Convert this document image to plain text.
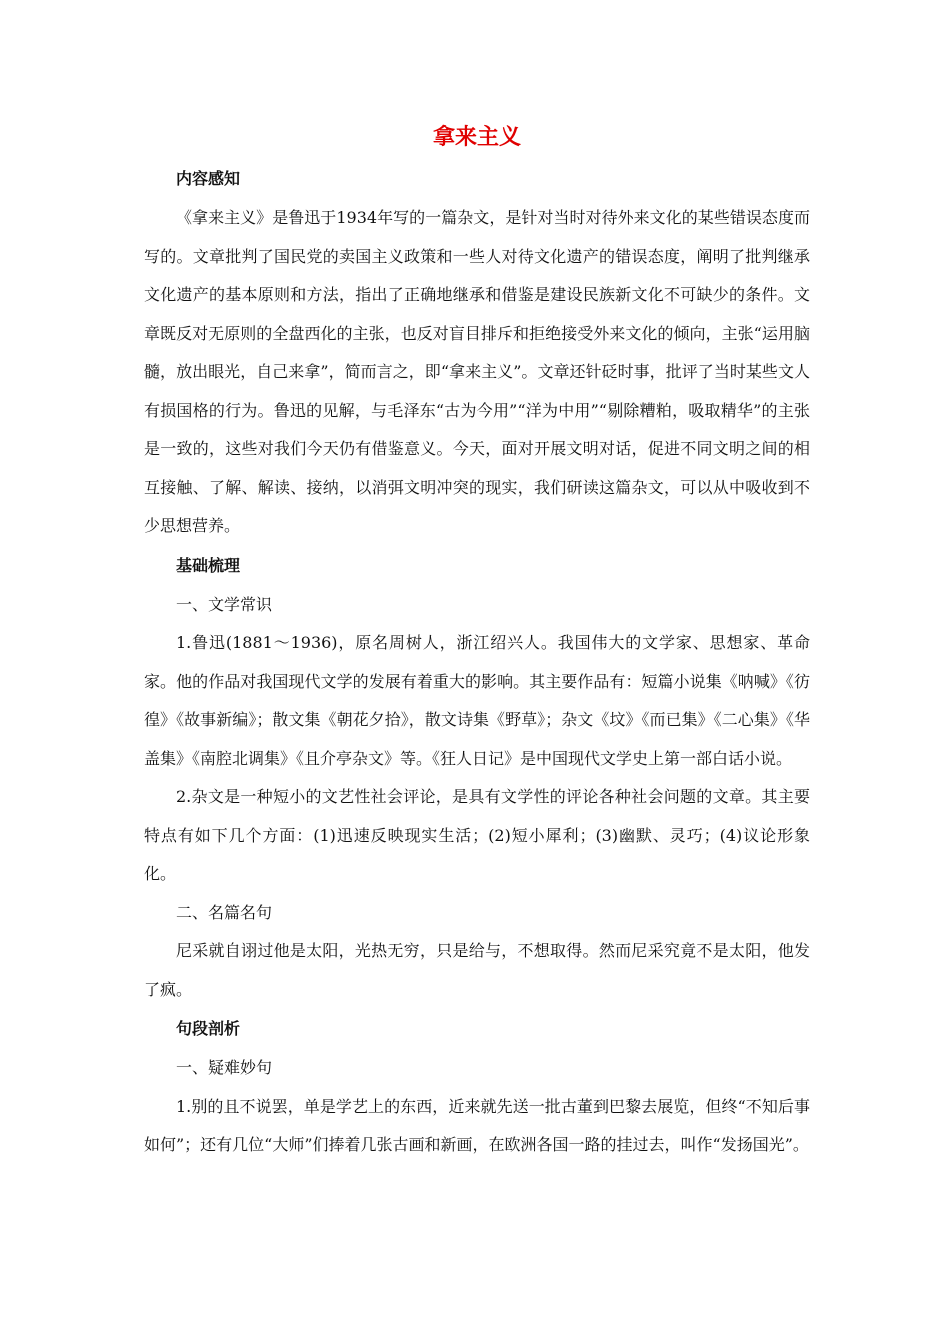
拿来主义
内容感知

《拿来主义》是鲁迅于1934年写的一篇杂文，是针对当时对待外来文化的某些错误态度而写的。文章批判了国民党的卖国主义政策和一些人对待文化遗产的错误态度，阐明了批判继承文化遗产的基本原则和方法，指出了正确地继承和借鉴是建设民族新文化不可缺少的条件。文章既反对无原则的全盘西化的主张，也反对盲目排斥和拒绝接受外来文化的倾向，主张“运用脑髓，放出眼光，自己来拿”，简而言之，即“拿来主义”。文章还针砭时事，批评了当时某些文人有损国格的行为。鲁迅的见解，与毛泽东“古为今用”“洋为中用”“剔除糟粕，吸取精华”的主张是一致的，这些对我们今天仍有借鉴意义。今天，面对开展文明对话，促进不同文明之间的相互接触、了解、解读、接纳，以消弭文明冲突的现实，我们研读这篇杂文，可以从中吸收到不少思想营养。

基础梳理

一、文学常识

1.鲁迅(1881～1936)，原名周树人，浙江绍兴人。我国伟大的文学家、思想家、革命家。他的作品对我国现代文学的发展有着重大的影响。其主要作品有：短篇小说集《呐喊》《彷徨》《故事新编》；散文集《朝花夕拾》，散文诗集《野草》；杂文《坟》《而已集》《二心集》《华盖集》《南腔北调集》《且介亭杂文》等。《狂人日记》是中国现代文学史上第一部白话小说。

2.杂文是一种短小的文艺性社会评论，是具有文学性的评论各种社会问题的文章。其主要特点有如下几个方面：(1)迅速反映现实生活；(2)短小犀利；(3)幽默、灵巧；(4)议论形象化。

二、名篇名句

尼采就自诩过他是太阳，光热无穷，只是给与，不想取得。然而尼采究竟不是太阳，他发了疯。

句段剖析

一、疑难妙句

1.别的且不说罢，单是学艺上的东西，近来就先送一批古董到巴黎去展览，但终“不知后事如何”；还有几位“大师”们捧着几张古画和新画，在欧洲各国一路的挂过去，叫作“发扬国光”。
